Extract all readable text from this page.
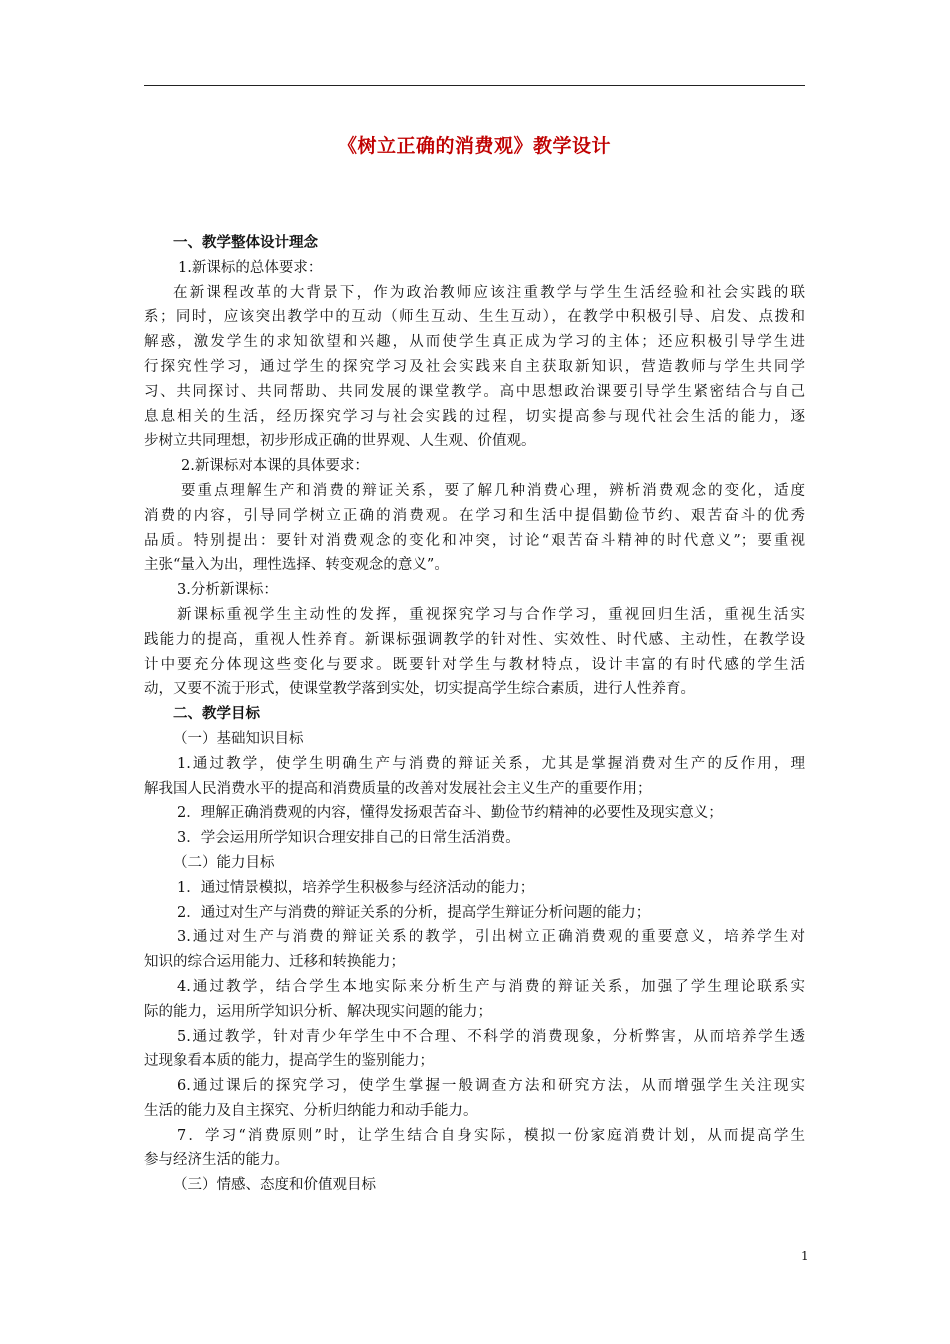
《树立正确的消费观》教学设计
一、教学整体设计理念
1.新课标的总体要求：
在新课程改革的大背景下，作为政治教师应该注重教学与学生生活经验和社会实践的联
系；同时，应该突出教学中的互动（师生互动、生生互动），在教学中积极引导、启发、点拨和
解惑，激发学生的求知欲望和兴趣，从而使学生真正成为学习的主体；还应积极引导学生进
行探究性学习，通过学生的探究学习及社会实践来自主获取新知识，营造教师与学生共同学
习、共同探讨、共同帮助、共同发展的课堂教学。高中思想政治课要引导学生紧密结合与自己
息息相关的生活，经历探究学习与社会实践的过程，切实提高参与现代社会生活的能力，逐
步树立共同理想，初步形成正确的世界观、人生观、价值观。
2.新课标对本课的具体要求：
要重点理解生产和消费的辩证关系，要了解几种消费心理，辨析消费观念的变化，适度
消费的内容，引导同学树立正确的消费观。在学习和生活中提倡勤俭节约、艰苦奋斗的优秀
品质。特别提出：要针对消费观念的变化和冲突，讨论“艰苦奋斗精神的时代意义”；要重视
主张“量入为出，理性选择、转变观念的意义”。
3.分析新课标：
新课标重视学生主动性的发挥，重视探究学习与合作学习，重视回归生活，重视生活实
践能力的提高，重视人性养育。新课标强调教学的针对性、实效性、时代感、主动性，在教学设
计中要充分体现这些变化与要求。既要针对学生与教材特点，设计丰富的有时代感的学生活
动，又要不流于形式，使课堂教学落到实处，切实提高学生综合素质，进行人性养育。
二、教学目标
（一）基础知识目标
1.通过教学，使学生明确生产与消费的辩证关系，尤其是掌握消费对生产的反作用，理
解我国人民消费水平的提高和消费质量的改善对发展社会主义生产的重要作用；
2．理解正确消费观的内容，懂得发扬艰苦奋斗、勤俭节约精神的必要性及现实意义；
3．学会运用所学知识合理安排自己的日常生活消费。
（二）能力目标
1．通过情景模拟，培养学生积极参与经济活动的能力；
2．通过对生产与消费的辩证关系的分析，提高学生辩证分析问题的能力；
3.通过对生产与消费的辩证关系的教学，引出树立正确消费观的重要意义，培养学生对
知识的综合运用能力、迁移和转换能力；
4.通过教学，结合学生本地实际来分析生产与消费的辩证关系，加强了学生理论联系实
际的能力，运用所学知识分析、解决现实问题的能力；
5.通过教学，针对青少年学生中不合理、不科学的消费现象，分析弊害，从而培养学生透
过现象看本质的能力，提高学生的鉴别能力；
6.通过课后的探究学习，使学生掌握一般调查方法和研究方法，从而增强学生关注现实
生活的能力及自主探究、分析归纳能力和动手能力。
7．学习“消费原则”时，让学生结合自身实际，模拟一份家庭消费计划，从而提高学生
参与经济生活的能力。
（三）情感、态度和价值观目标
1
